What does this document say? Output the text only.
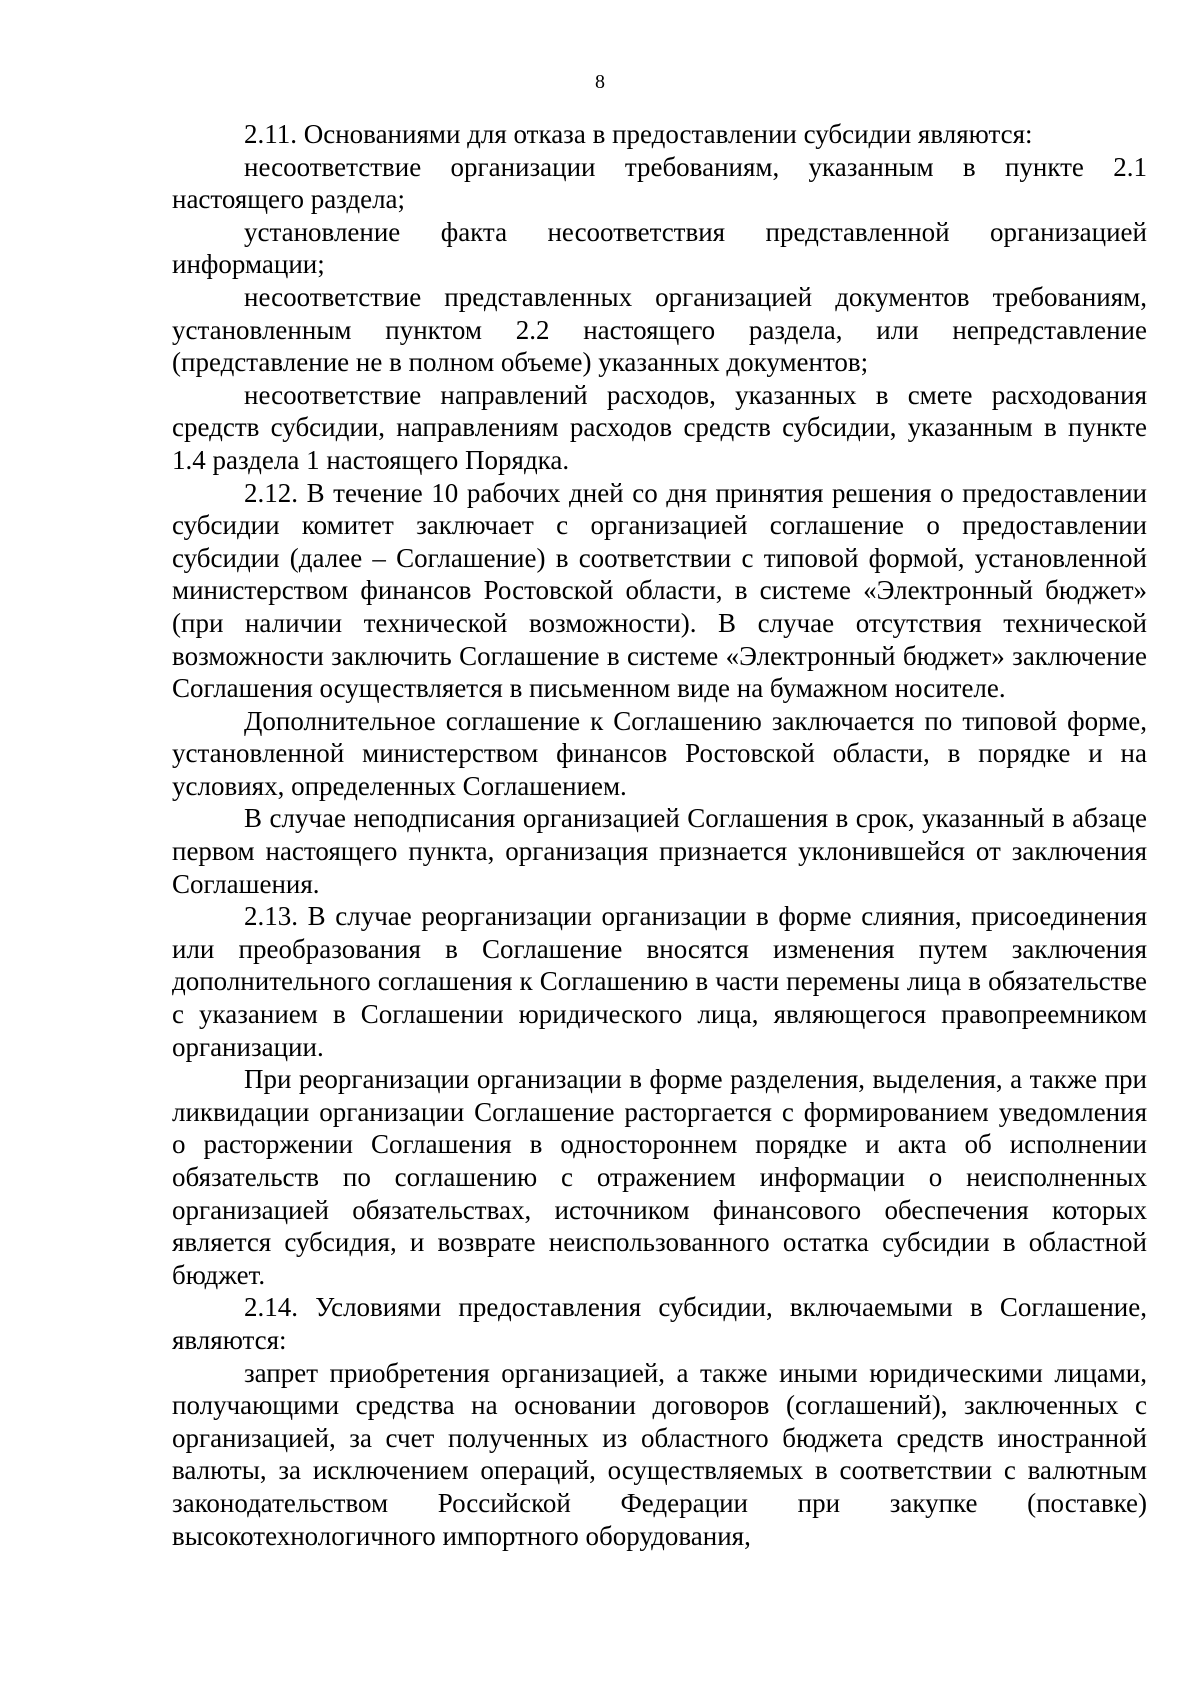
8

2.11. Основаниями для отказа в предоставлении субсидии являются:

несоответствие организации требованиям, указанным в пункте 2.1 настоящего раздела;

установление факта несоответствия представленной организацией информации;

несоответствие представленных организацией документов требованиям, установленным пунктом 2.2 настоящего раздела, или непредставление (представление не в полном объеме) указанных документов;

несоответствие направлений расходов, указанных в смете расходования средств субсидии, направлениям расходов средств субсидии, указанным в пункте 1.4 раздела 1 настоящего Порядка.

2.12. В течение 10 рабочих дней со дня принятия решения о предоставлении субсидии комитет заключает с организацией соглашение о предоставлении субсидии (далее – Соглашение) в соответствии с типовой формой, установленной министерством финансов Ростовской области, в системе «Электронный бюджет» (при наличии технической возможности). В случае отсутствия технической возможности заключить Соглашение в системе «Электронный бюджет» заключение Соглашения осуществляется в письменном виде на бумажном носителе.

Дополнительное соглашение к Соглашению заключается по типовой форме, установленной министерством финансов Ростовской области, в порядке и на условиях, определенных Соглашением.

В случае неподписания организацией Соглашения в срок, указанный в абзаце первом настоящего пункта, организация признается уклонившейся от заключения Соглашения.

2.13. В случае реорганизации организации в форме слияния, присоединения или преобразования в Соглашение вносятся изменения путем заключения дополнительного соглашения к Соглашению в части перемены лица в обязательстве с указанием в Соглашении юридического лица, являющегося правопреемником организации.

При реорганизации организации в форме разделения, выделения, а также при ликвидации организации Соглашение расторгается с формированием уведомления о расторжении Соглашения в одностороннем порядке и акта об исполнении обязательств по соглашению с отражением информации о неисполненных организацией обязательствах, источником финансового обеспечения которых является субсидия, и возврате неиспользованного остатка субсидии в областной бюджет.

2.14. Условиями предоставления субсидии, включаемыми в Соглашение, являются:

запрет приобретения организацией, а также иными юридическими лицами, получающими средства на основании договоров (соглашений), заключенных с организацией, за счет полученных из областного бюджета средств иностранной валюты, за исключением операций, осуществляемых в соответствии с валютным законодательством Российской Федерации при закупке (поставке) высокотехнологичного импортного оборудования,
